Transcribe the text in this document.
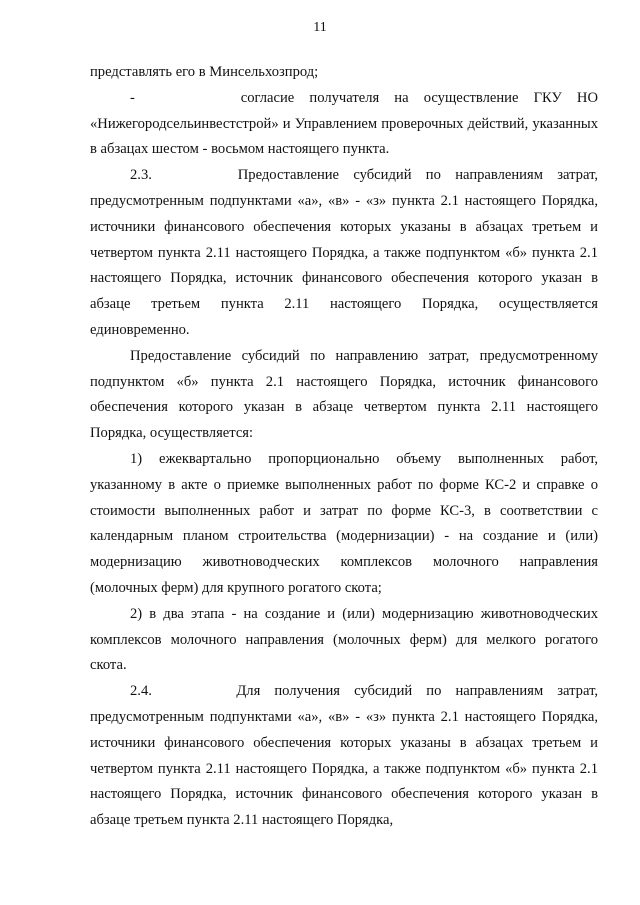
11

представлять его в Минсельхозпрод;

-       согласие получателя на осуществление ГКУ НО «Нижегородсельинвестстрой» и Управлением проверочных действий, указанных в абзацах шестом - восьмом настоящего пункта.

2.3.      Предоставление субсидий по направлениям затрат, предусмотренным подпунктами «а», «в» - «з» пункта 2.1 настоящего Порядка, источники финансового обеспечения которых указаны в абзацах третьем и четвертом пункта 2.11 настоящего Порядка, а также подпунктом «б» пункта 2.1 настоящего Порядка, источник финансового обеспечения которого указан в абзаце третьем пункта 2.11 настоящего Порядка, осуществляется единовременно.

Предоставление субсидий по направлению затрат, предусмотренному подпунктом «б» пункта 2.1 настоящего Порядка, источник финансового обеспечения которого указан в абзаце четвертом пункта 2.11 настоящего Порядка, осуществляется:

1) ежеквартально пропорционально объему выполненных работ, указанному в акте о приемке выполненных работ по форме КС-2 и справке о стоимости выполненных работ и затрат по форме КС-3, в соответствии с календарным планом строительства (модернизации) - на создание и (или) модернизацию животноводческих комплексов молочного направления (молочных ферм) для крупного рогатого скота;

2) в два этапа - на создание и (или) модернизацию животноводческих комплексов молочного направления (молочных ферм) для мелкого рогатого скота.

2.4.      Для получения субсидий по направлениям затрат, предусмотренным подпунктами «а», «в» - «з» пункта 2.1 настоящего Порядка, источники финансового обеспечения которых указаны в абзацах третьем и четвертом пункта 2.11 настоящего Порядка, а также подпунктом «б» пункта 2.1 настоящего Порядка, источник финансового обеспечения которого указан в абзаце третьем пункта 2.11 настоящего Порядка,
